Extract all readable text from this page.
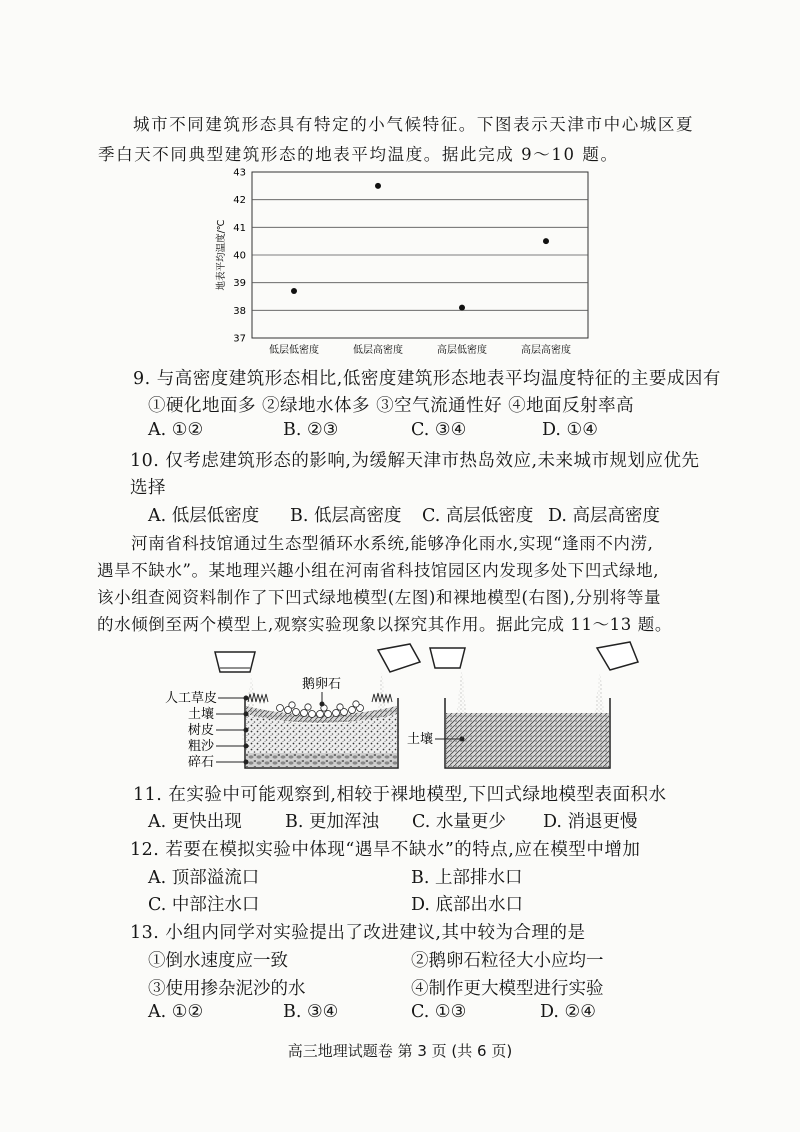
城市不同建筑形态具有特定的小气候特征。下图表示天津市中心城区夏
季白天不同典型建筑形态的地表平均温度。据此完成 9～10 题。
37
38
39
40
41
42
43
低层低密度	低层高密度	高层低密度	高层高密度
地表平均温度/℃
9. 与高密度建筑形态相比,低密度建筑形态地表平均温度特征的主要成因有
①硬化地面多 ②绿地水体多 ③空气流通性好 ④地面反射率高
A. ①②	B. ②③	C. ③④	D. ①④
10. 仅考虑建筑形态的影响,为缓解天津市热岛效应,未来城市规划应优先
选择
A. 低层低密度 B. 低层高密度 C. 高层低密度 D. 高层高密度
河南省科技馆通过生态型循环水系统,能够净化雨水,实现“逢雨不内涝,
遇旱不缺水”。某地理兴趣小组在河南省科技馆园区内发现多处下凹式绿地,
该小组查阅资料制作了下凹式绿地模型(左图)和裸地模型(右图),分别将等量
的水倾倒至两个模型上,观察实验现象以探究其作用。据此完成 11～13 题。
鹅卵石
人工草皮
土壤
树皮
粗沙
碎石
土壤
11. 在实验中可能观察到,相较于裸地模型,下凹式绿地模型表面积水
A. 更快出现 B. 更加浑浊 C. 水量更少 D. 消退更慢
12. 若要在模拟实验中体现“遇旱不缺水”的特点,应在模型中增加
A. 顶部溢流口	B. 上部排水口
C. 中部注水口	D. 底部出水口
13. 小组内同学对实验提出了改进建议,其中较为合理的是
①倒水速度应一致	②鹅卵石粒径大小应均一
③使用掺杂泥沙的水	④制作更大模型进行实验
A. ①②	B. ③④	C. ①③	D. ②④
高三地理试题卷 第 3 页 (共 6 页)
